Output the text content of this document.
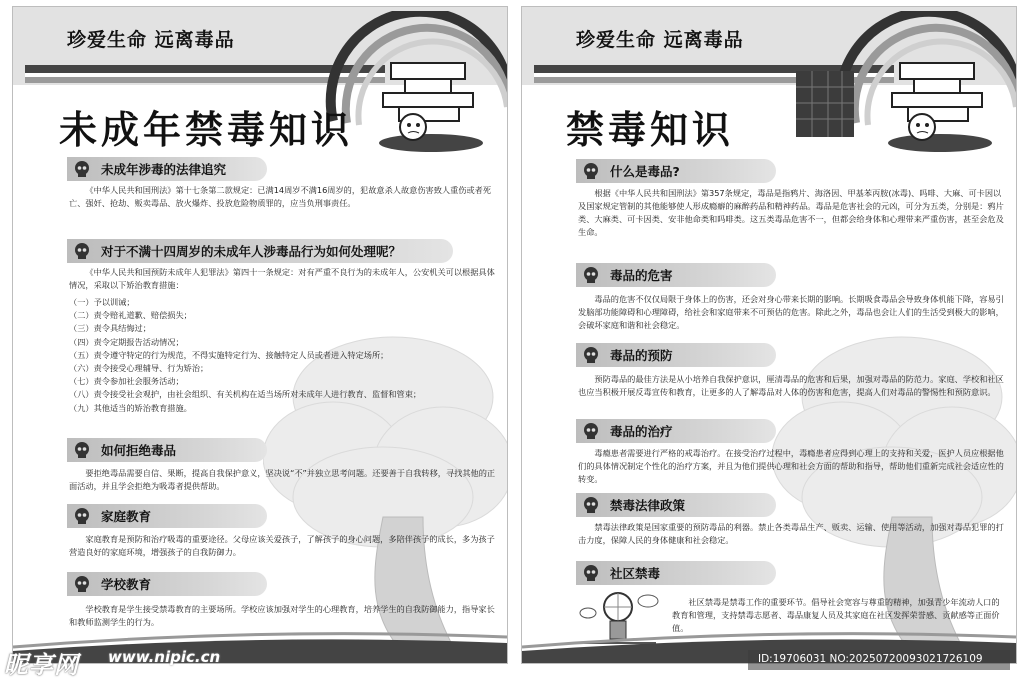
珍爱生命 远离毒品
未成年禁毒知识
未成年涉毒的法律追究
《中华人民共和国刑法》第十七条第二款规定：已满14周岁不满16周岁的，犯故意杀人故意伤害致人重伤或者死亡、强奸、抢劫、贩卖毒品、放火爆炸、投放危险物质罪的，应当负刑事责任。
对于不满十四周岁的未成年人涉毒品行为如何处理呢？
《中华人民共和国预防未成年人犯罪法》第四十一条规定：对有严重不良行为的未成年人，公安机关可以根据具体情况，采取以下矫治教育措施：
（一）予以训诫；
（二）责令赔礼道歉、赔偿损失；
（三）责令具结悔过；
（四）责令定期报告活动情况；
（五）责令遵守特定的行为规范，不得实施特定行为、接触特定人员或者进入特定场所；
（六）责令接受心理辅导、行为矫治；
（七）责令参加社会服务活动；
（八）责令接受社会观护，由社会组织、有关机构在适当场所对未成年人进行教育、监督和管束；
（九）其他适当的矫治教育措施。
如何拒绝毒品
要拒绝毒品需要自信、果断，提高自我保护意义，坚决说“不”并独立思考问题。还要善于自我转移，寻找其他的正面活动，并且学会拒绝为吸毒者提供帮助。
家庭教育
家庭教育是预防和治疗吸毒的重要途径。父母应该关爱孩子，了解孩子的身心问题，多陪伴孩子的成长，多为孩子营造良好的家庭环境，增强孩子的自我防御力。
学校教育
学校教育是学生接受禁毒教育的主要场所。学校应该加强对学生的心理教育，培养学生的自我防御能力，指导家长和教师监测学生的行为。
珍爱生命 远离毒品
禁毒知识
什么是毒品?
根据《中华人民共和国刑法》第357条规定，毒品是指鸦片、海洛因、甲基苯丙胺(冰毒)、吗啡、大麻、可卡因以及国家规定管制的其他能够使人形成瘾癖的麻醉药品和精神药品。毒品是危害社会的元凶，可分为五类，分别是：鸦片类、大麻类、可卡因类、安非他命类和吗啡类。这五类毒品危害不一，但都会给身体和心理带来严重伤害，甚至会危及生命。
毒品的危害
毒品的危害不仅仅局限于身体上的伤害，还会对身心带来长期的影响。长期吸食毒品会导致身体机能下降，容易引发脑部功能障碍和心理障碍，给社会和家庭带来不可预估的危害。除此之外，毒品也会让人们的生活受到极大的影响，会破坏家庭和谐和社会稳定。
毒品的预防
预防毒品的最佳方法是从小培养自我保护意识，厘清毒品的危害和后果，加强对毒品的防范力。家庭、学校和社区也应当积极开展反毒宣传和教育，让更多的人了解毒品对人体的伤害和危害，提高人们对毒品的警惕性和预防意识。
毒品的治疗
毒瘾患者需要进行严格的戒毒治疗。在接受治疗过程中，毒瘾患者应得到心理上的支持和关爱，医护人员应根据他们的具体情况制定个性化的治疗方案，并且为他们提供心理和社会方面的帮助和指导，帮助他们重新完成社会适应性的转变。
禁毒法律政策
禁毒法律政策是国家重要的预防毒品的利器。禁止各类毒品生产、贩卖、运输、使用等活动，加强对毒品犯罪的打击力度，保障人民的身体健康和社会稳定。
社区禁毒
社区禁毒是禁毒工作的重要环节。倡导社会宽容与尊重的精神，加强青少年流动人口的教育和管理，支持禁毒志愿者、毒品康复人员及其家庭在社区发挥荣誉感、贡献感等正面价值。
昵享网 www.nipic.cn	ID:19706031 NO:20250720093021726109
